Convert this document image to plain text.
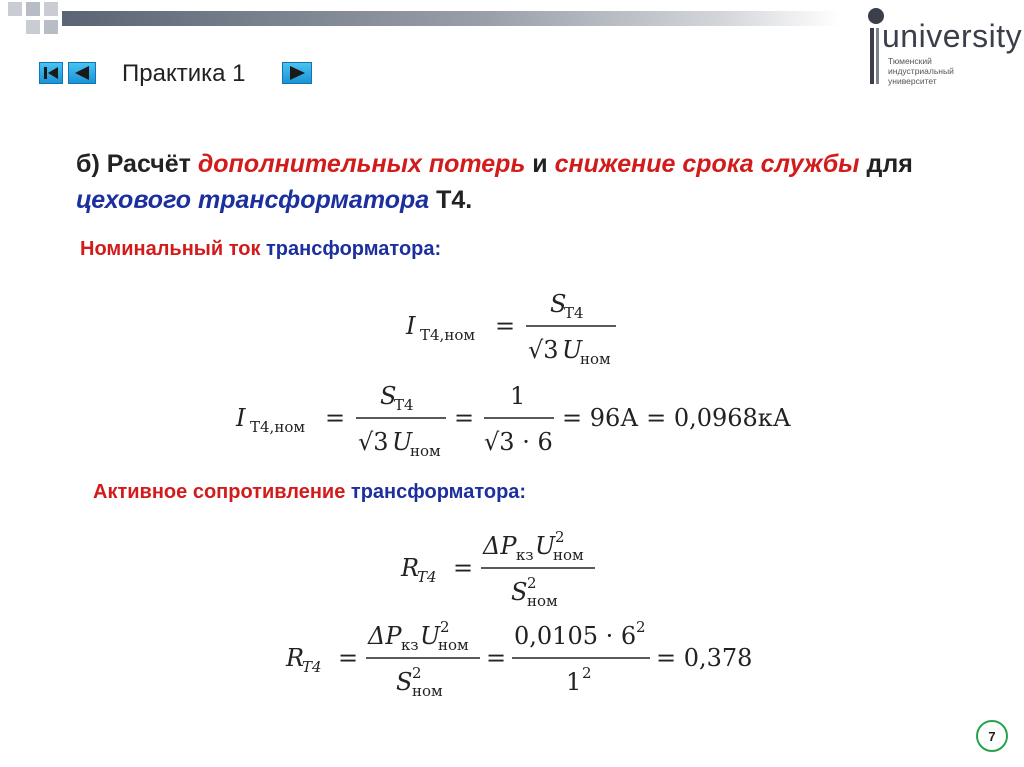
Практика 1
university
Тюменский индустриальный университет
б) Расчёт дополнительных потерь и снижение срока службы для цехового трансформатора Т4.
Номинальный ток трансформатора:
I Т4,ном =
S
Т4
√3 U
ном
I Т4,ном =
S
Т4
√3 U
ном
=
1
√3 · 6
= 96А = 0,0968кА
Активное сопротивление трансформатора:
R
T4 =
ΔP кз U
ном
2
S ном
2
R
T4 =
ΔP кз U
ном
2
S ном
2
=
0,0105 · 6 2
1 2
= 0,378
7
